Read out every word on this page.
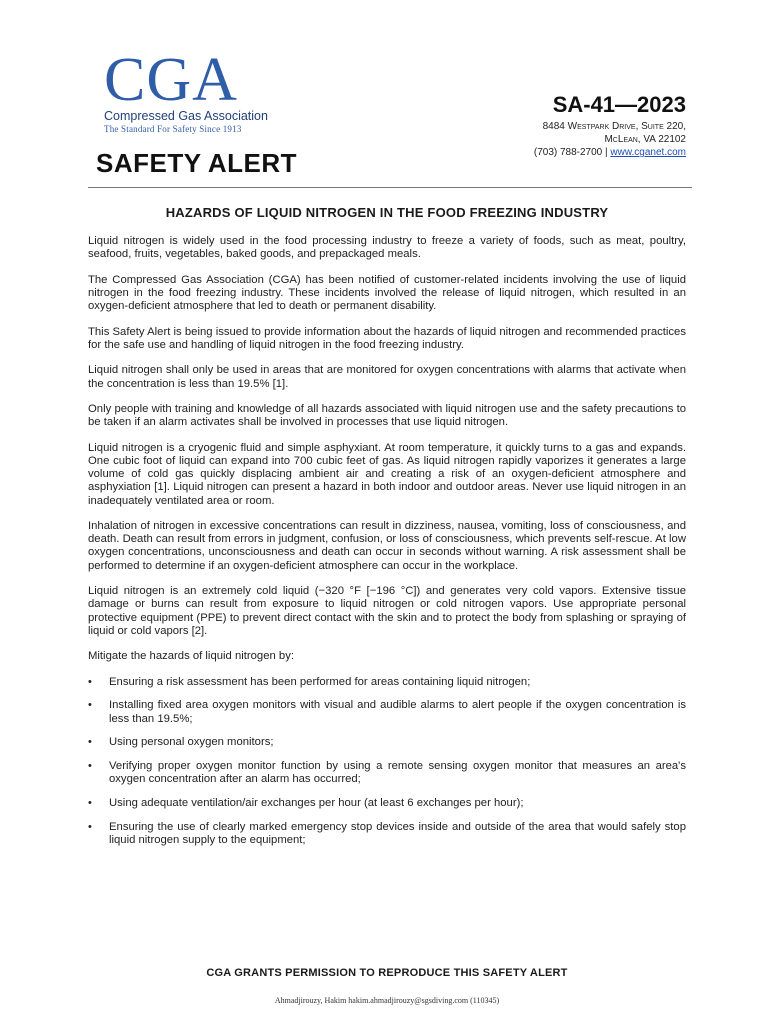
CGA
Compressed Gas Association
The Standard For Safety Since 1913
SAFETY ALERT
SA-41—2023
8484 Westpark Drive, Suite 220,
McLean, VA 22102
(703) 788-2700 | www.cganet.com
HAZARDS OF LIQUID NITROGEN IN THE FOOD FREEZING INDUSTRY

Liquid nitrogen is widely used in the food processing industry to freeze a variety of foods, such as meat, poultry, seafood, fruits, vegetables, baked goods, and prepackaged meals.

The Compressed Gas Association (CGA) has been notified of customer-related incidents involving the use of liquid nitrogen in the food freezing industry. These incidents involved the release of liquid nitrogen, which resulted in an oxygen-deficient atmosphere that led to death or permanent disability.

This Safety Alert is being issued to provide information about the hazards of liquid nitrogen and recommended practices for the safe use and handling of liquid nitrogen in the food freezing industry.

Liquid nitrogen shall only be used in areas that are monitored for oxygen concentrations with alarms that activate when the concentration is less than 19.5% [1].

Only people with training and knowledge of all hazards associated with liquid nitrogen use and the safety precautions to be taken if an alarm activates shall be involved in processes that use liquid nitrogen.

Liquid nitrogen is a cryogenic fluid and simple asphyxiant. At room temperature, it quickly turns to a gas and expands. One cubic foot of liquid can expand into 700 cubic feet of gas. As liquid nitrogen rapidly vaporizes it generates a large volume of cold gas quickly displacing ambient air and creating a risk of an oxygen-deficient atmosphere and asphyxiation [1]. Liquid nitrogen can present a hazard in both indoor and outdoor areas. Never use liquid nitrogen in an inadequately ventilated area or room.

Inhalation of nitrogen in excessive concentrations can result in dizziness, nausea, vomiting, loss of consciousness, and death. Death can result from errors in judgment, confusion, or loss of consciousness, which prevents self-rescue. At low oxygen concentrations, unconsciousness and death can occur in seconds without warning. A risk assessment shall be performed to determine if an oxygen-deficient atmosphere can occur in the workplace.

Liquid nitrogen is an extremely cold liquid (−320 °F [−196 °C]) and generates very cold vapors. Extensive tissue damage or burns can result from exposure to liquid nitrogen or cold nitrogen vapors. Use appropriate personal protective equipment (PPE) to prevent direct contact with the skin and to protect the body from splashing or spraying of liquid or cold vapors [2].

Mitigate the hazards of liquid nitrogen by:

• Ensuring a risk assessment has been performed for areas containing liquid nitrogen;
• Installing fixed area oxygen monitors with visual and audible alarms to alert people if the oxygen concentration is less than 19.5%;
• Using personal oxygen monitors;
• Verifying proper oxygen monitor function by using a remote sensing oxygen monitor that measures an area's oxygen concentration after an alarm has occurred;
• Using adequate ventilation/air exchanges per hour (at least 6 exchanges per hour);
• Ensuring the use of clearly marked emergency stop devices inside and outside of the area that would safely stop liquid nitrogen supply to the equipment;
CGA GRANTS PERMISSION TO REPRODUCE THIS SAFETY ALERT
Ahmadjirouzy, Hakim hakim.ahmadjirouzy@sgsdiving.com (110345)
